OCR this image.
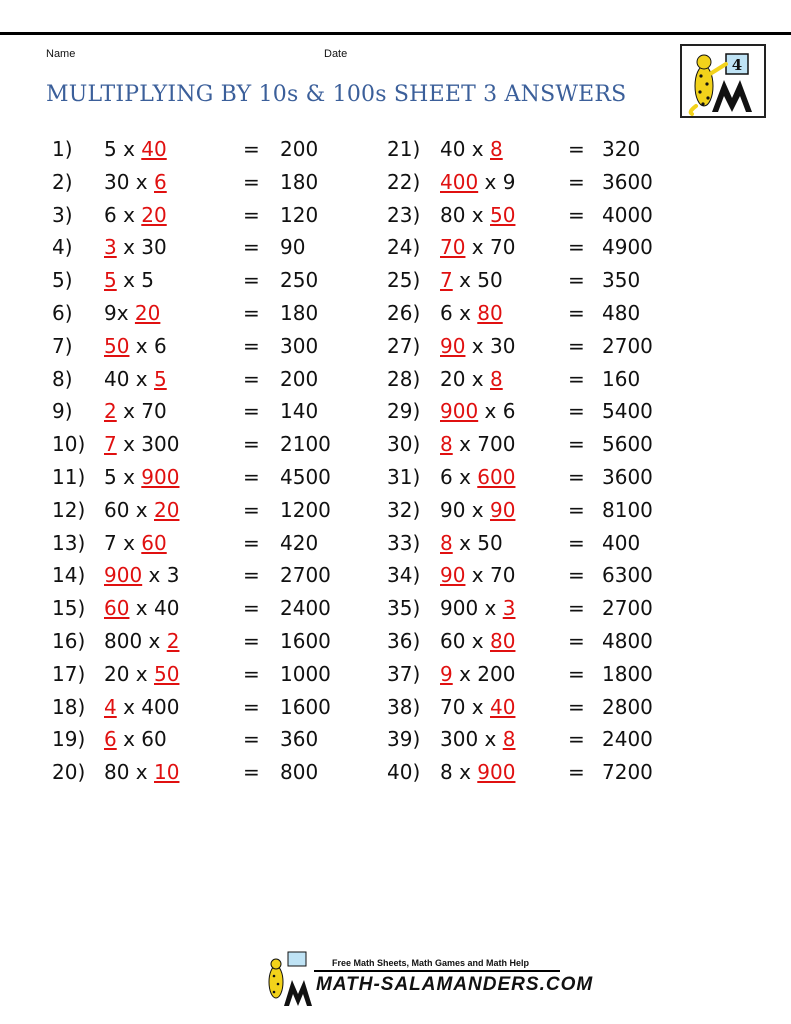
Name	Date
MULTIPLYING BY 10s & 100s SHEET 3 ANSWERS
4
1) 5 x 40	= 200
2) 30 x 6	= 180
3) 6 x 20	= 120
4) 3 x 30	= 90
5) 5 x 5	= 250
6) 9x 20	= 180
7) 50 x 6	= 300
8) 40 x 5	= 200
9) 2 x 70	= 140
10) 7 x 300	= 2100
11) 5 x 900	= 4500
12) 60 x 20	= 1200
13) 7 x 60	= 420
14) 900 x 3	= 2700
15) 60 x 40	= 2400
16) 800 x 2	= 1600
17) 20 x 50	= 1000
18) 4 x 400	= 1600
19) 6 x 60	= 360
20) 80 x 10	= 800
21) 40 x 8	= 320
22) 400 x 9	= 3600
23) 80 x 50	= 4000
24) 70 x 70	= 4900
25) 7 x 50	= 350
26) 6 x 80	= 480
27) 90 x 30	= 2700
28) 20 x 8	= 160
29) 900 x 6	= 5400
30) 8 x 700	= 5600
31) 6 x 600	= 3600
32) 90 x 90	= 8100
33) 8 x 50	= 400
34) 90 x 70	= 6300
35) 900 x 3	= 2700
36) 60 x 80	= 4800
37) 9 x 200	= 1800
38) 70 x 40	= 2800
39) 300 x 8	= 2400
40) 8 x 900	= 7200
Free Math Sheets, Math Games and Math Help
MATH-SALAMANDERS.COM
